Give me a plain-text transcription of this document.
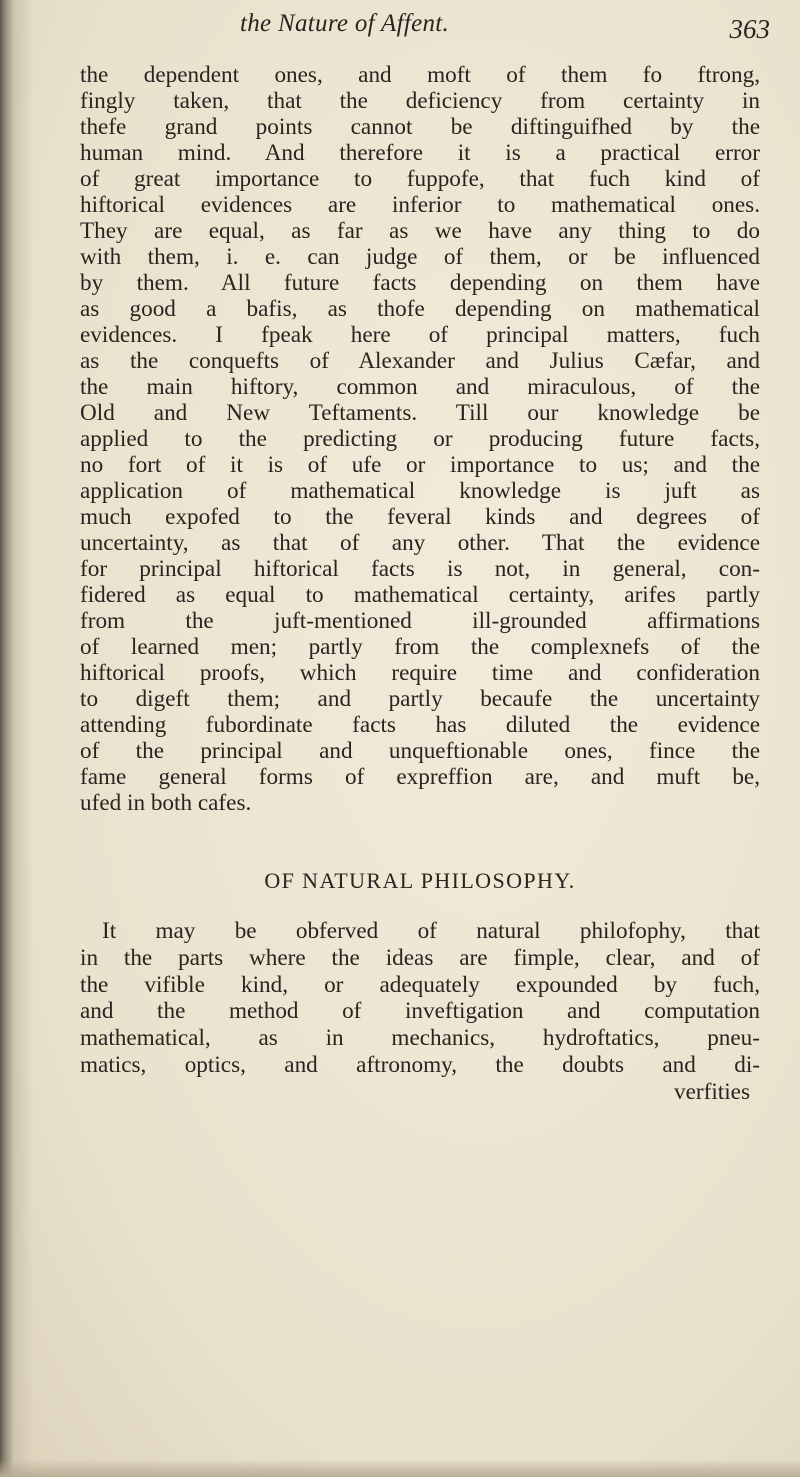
the Nature of Affent.	363
the dependent ones, and moft of them fo ftrong,
fingly taken, that the deficiency from certainty in
thefe grand points cannot be diftinguifhed by the
human mind. And therefore it is a practical error
of great importance to fuppofe, that fuch kind of
hiftorical evidences are inferior to mathematical ones.
They are equal, as far as we have any thing to do
with them, i. e. can judge of them, or be influenced
by them. All future facts depending on them have
as good a bafis, as thofe depending on mathematical
evidences. I fpeak here of principal matters, fuch
as the conquefts of Alexander and Julius Cæfar, and
the main hiftory, common and miraculous, of the
Old and New Teftaments. Till our knowledge be
applied to the predicting or producing future facts,
no fort of it is of ufe or importance to us; and the
application of mathematical knowledge is juft as
much expofed to the feveral kinds and degrees of
uncertainty, as that of any other. That the evidence
for principal hiftorical facts is not, in general, con-
fidered as equal to mathematical certainty, arifes partly
from the juft-mentioned ill-grounded affirmations
of learned men; partly from the complexnefs of the
hiftorical proofs, which require time and confideration
to digeft them; and partly becaufe the uncertainty
attending fubordinate facts has diluted the evidence
of the principal and unqueftionable ones, fince the
fame general forms of expreffion are, and muft be,
ufed in both cafes.
OF NATURAL PHILOSOPHY.
It may be obferved of natural philofophy, that
in the parts where the ideas are fimple, clear, and of
the vifible kind, or adequately expounded by fuch,
and the method of inveftigation and computation
mathematical, as in mechanics, hydroftatics, pneu-
matics, optics, and aftronomy, the doubts and di-
verfities
